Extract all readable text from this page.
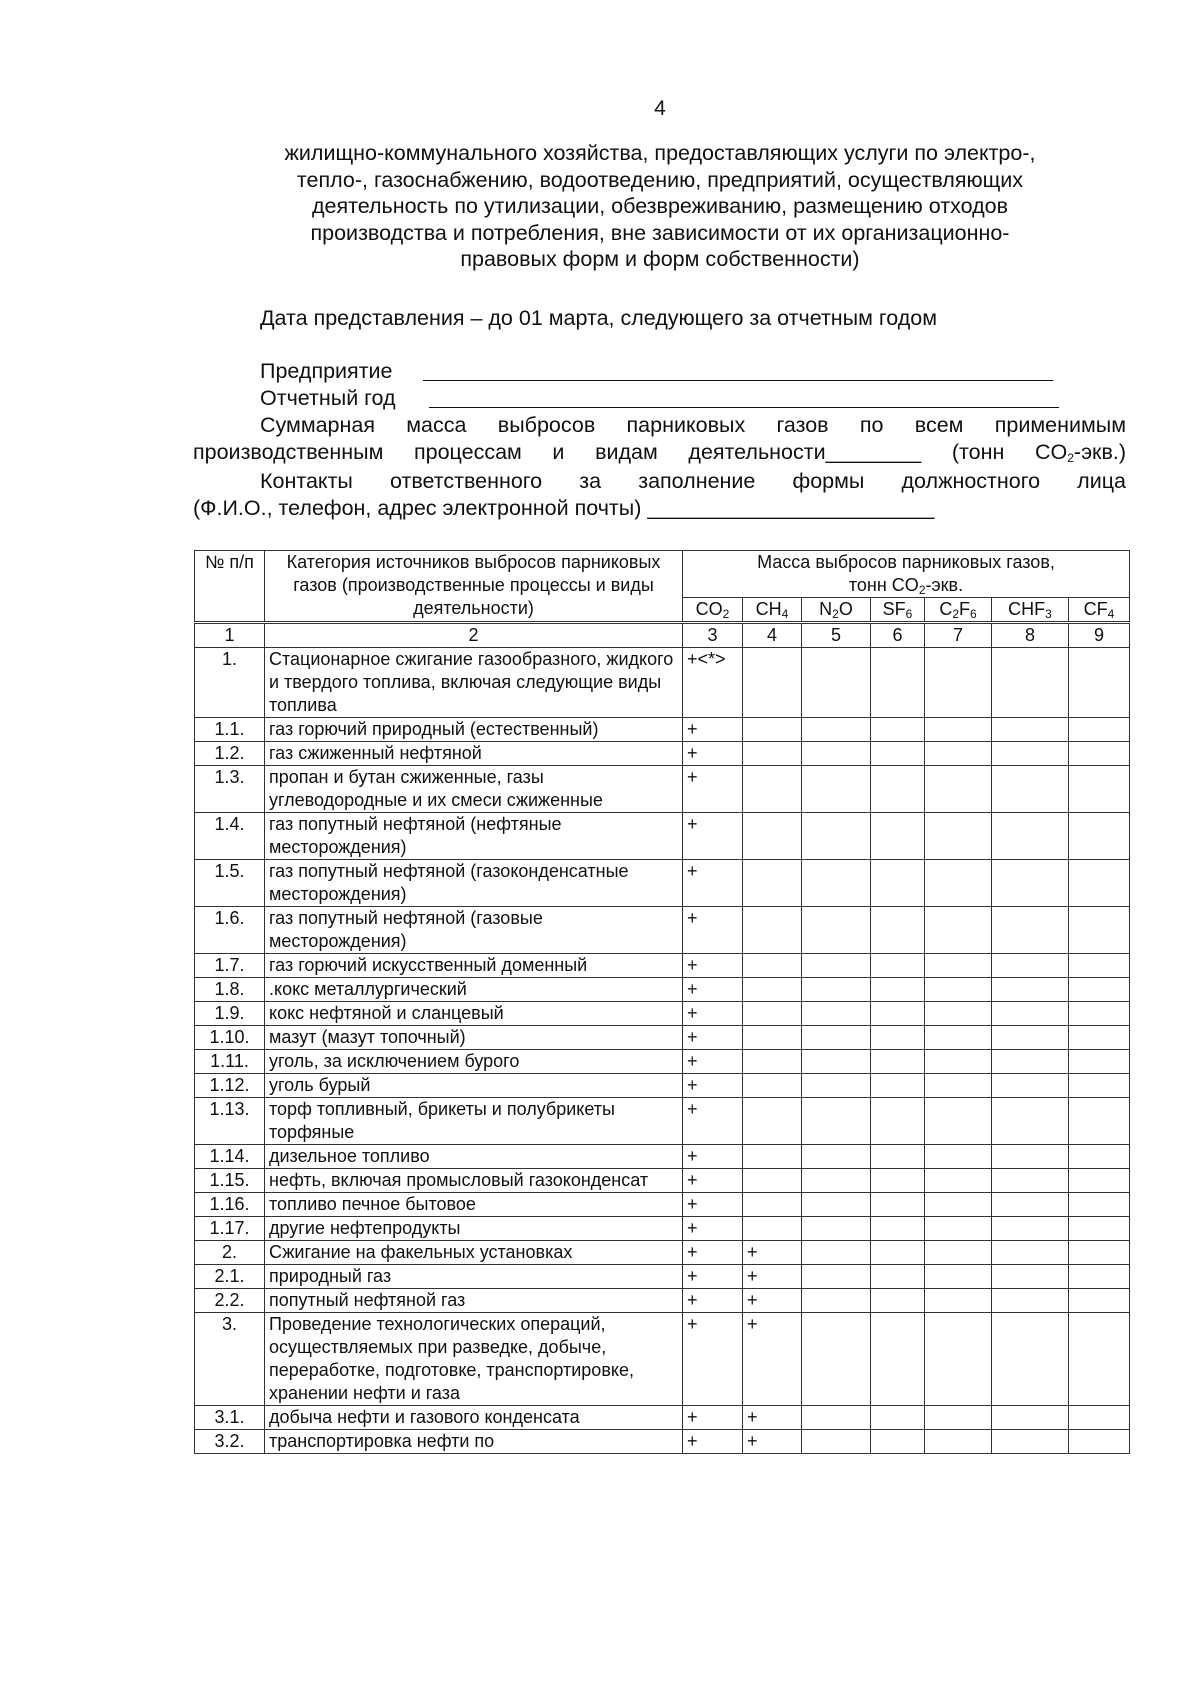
4

жилищно-коммунального хозяйства, предоставляющих услуги по электро-,
тепло-, газоснабжению, водоотведению, предприятий, осуществляющих
деятельность по утилизации, обезвреживанию, размещению отходов
производства и потребления, вне зависимости от их организационно-
правовых форм и форм собственности)

Дата представления – до 01 марта, следующего за отчетным годом

Предприятие
Отчетный год

Суммарная масса выбросов парниковых газов по всем применимым

производственным процессам и видам деятельности________ (тонн $CO_2-экв$.)

Контакты ответственного за заполнение формы должностного лица

(Ф.И.О., телефон, адрес электронной почты) ________________________

№ п/п	Категория источников выбросов парниковых газов (производственные процессы и виды деятельности)	Масса выбросов парниковых газов,
тонн $CO_2$-экв.						

		$CO_2$	$CH_4$	$N_2O$	$SF_6$	$C_2F_6$	$CHF_3$	$CF_4$
1	2	3	4	5	6	7	8	9
1.	Стационарное сжигание газообразного, жидкого и твердого топлива, включая следующие виды топлива	+<*>						
1.1.	газ горючий природный (естественный)	+						
1.2.	газ сжиженный нефтяной	+						
1.3.	пропан и бутан сжиженные, газы углеводородные и их смеси сжиженные	+						
1.4.	газ попутный нефтяной (нефтяные месторождения)	+						
1.5.	газ попутный нефтяной (газоконденсатные месторождения)	+						
1.6.	газ попутный нефтяной (газовые месторождения)	+						
1.7.	газ горючий искусственный доменный	+						
1.8.	.кокс металлургический	+						
1.9.	кокс нефтяной и сланцевый	+						
1.10.	мазут (мазут топочный)	+						
1.11.	уголь, за исключением бурого	+						
1.12.	уголь бурый	+						
1.13.	торф топливный, брикеты и полубрикеты торфяные	+						
1.14.	дизельное топливо	+						
1.15.	нефть, включая промысловый газоконденсат	+						
1.16.	топливо печное бытовое	+						
1.17.	другие нефтепродукты	+						
2.	Сжигание на факельных установках	+	+					
2.1.	природный газ	+	+					
2.2.	попутный нефтяной газ	+	+					
3.	Проведение технологических операций, осуществляемых при разведке, добыче, переработке, подготовке, транспортировке, хранении нефти и газа	+	+					
3.1.	добыча нефти и газового конденсата	+	+					
3.2.	транспортировка нефти по	+	+					
